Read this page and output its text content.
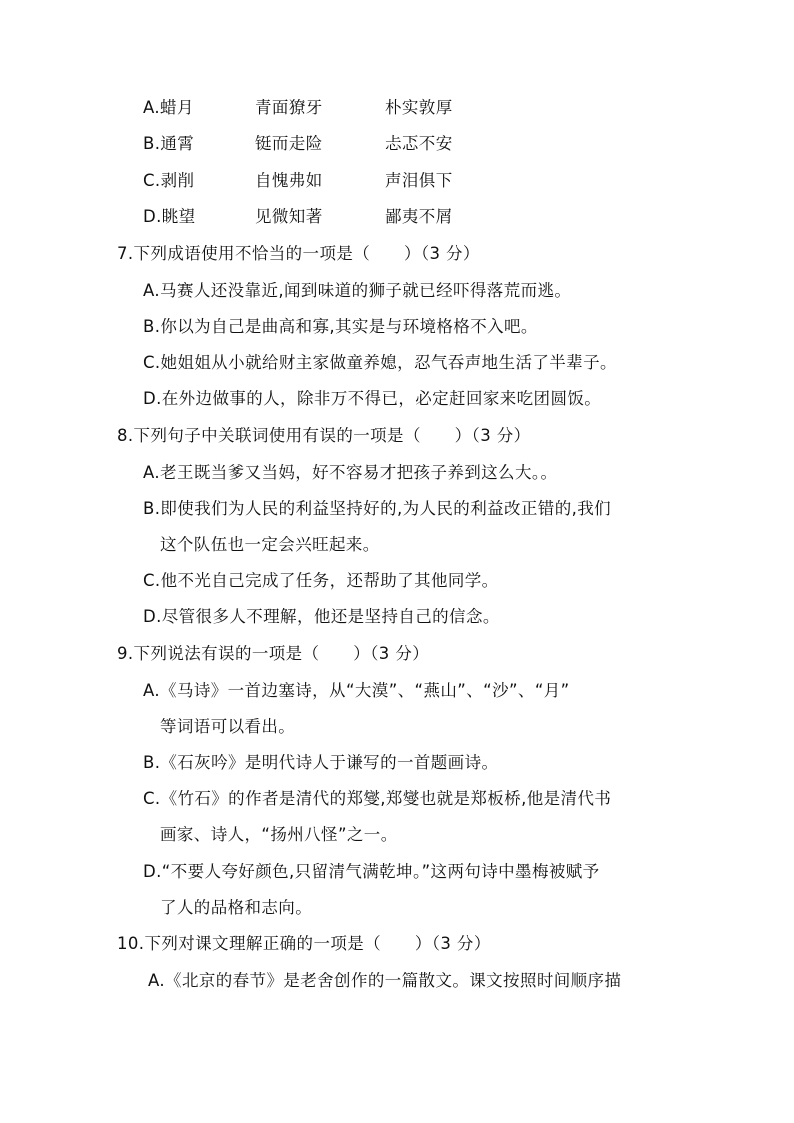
A.蜡月	青面獠牙	朴实敦厚
B.通霄	铤而走险	忐忑不安
C.剥削	自愧弗如	声泪俱下
D.眺望	见微知著	鄙夷不屑
7.下列成语使用不恰当的一项是（　　）（3 分）
A.马赛人还没靠近,闻到味道的狮子就已经吓得落荒而逃。
B.你以为自己是曲高和寡,其实是与环境格格不入吧。
C.她姐姐从小就给财主家做童养媳，忍气吞声地生活了半辈子。
D.在外边做事的人，除非万不得已，必定赶回家来吃团圆饭。
8.下列句子中关联词使用有误的一项是（　　）（3 分）
A.老王既当爹又当妈，好不容易才把孩子养到这么大。。
B.即使我们为人民的利益坚持好的,为人民的利益改正错的,我们
这个队伍也一定会兴旺起来。
C.他不光自己完成了任务，还帮助了其他同学。
D.尽管很多人不理解，他还是坚持自己的信念。
9.下列说法有误的一项是（　　）（3 分）
A.《马诗》一首边塞诗，从“大漠”、“燕山”、“沙”、“月”
等词语可以看出。
B.《石灰吟》是明代诗人于谦写的一首题画诗。
C.《竹石》的作者是清代的郑燮,郑燮也就是郑板桥,他是清代书
画家、诗人，“扬州八怪”之一。
D.“不要人夸好颜色,只留清气满乾坤。”这两句诗中墨梅被赋予
了人的品格和志向。
10.下列对课文理解正确的一项是（　　）（3 分）
A.《北京的春节》是老舍创作的一篇散文。课文按照时间顺序描
